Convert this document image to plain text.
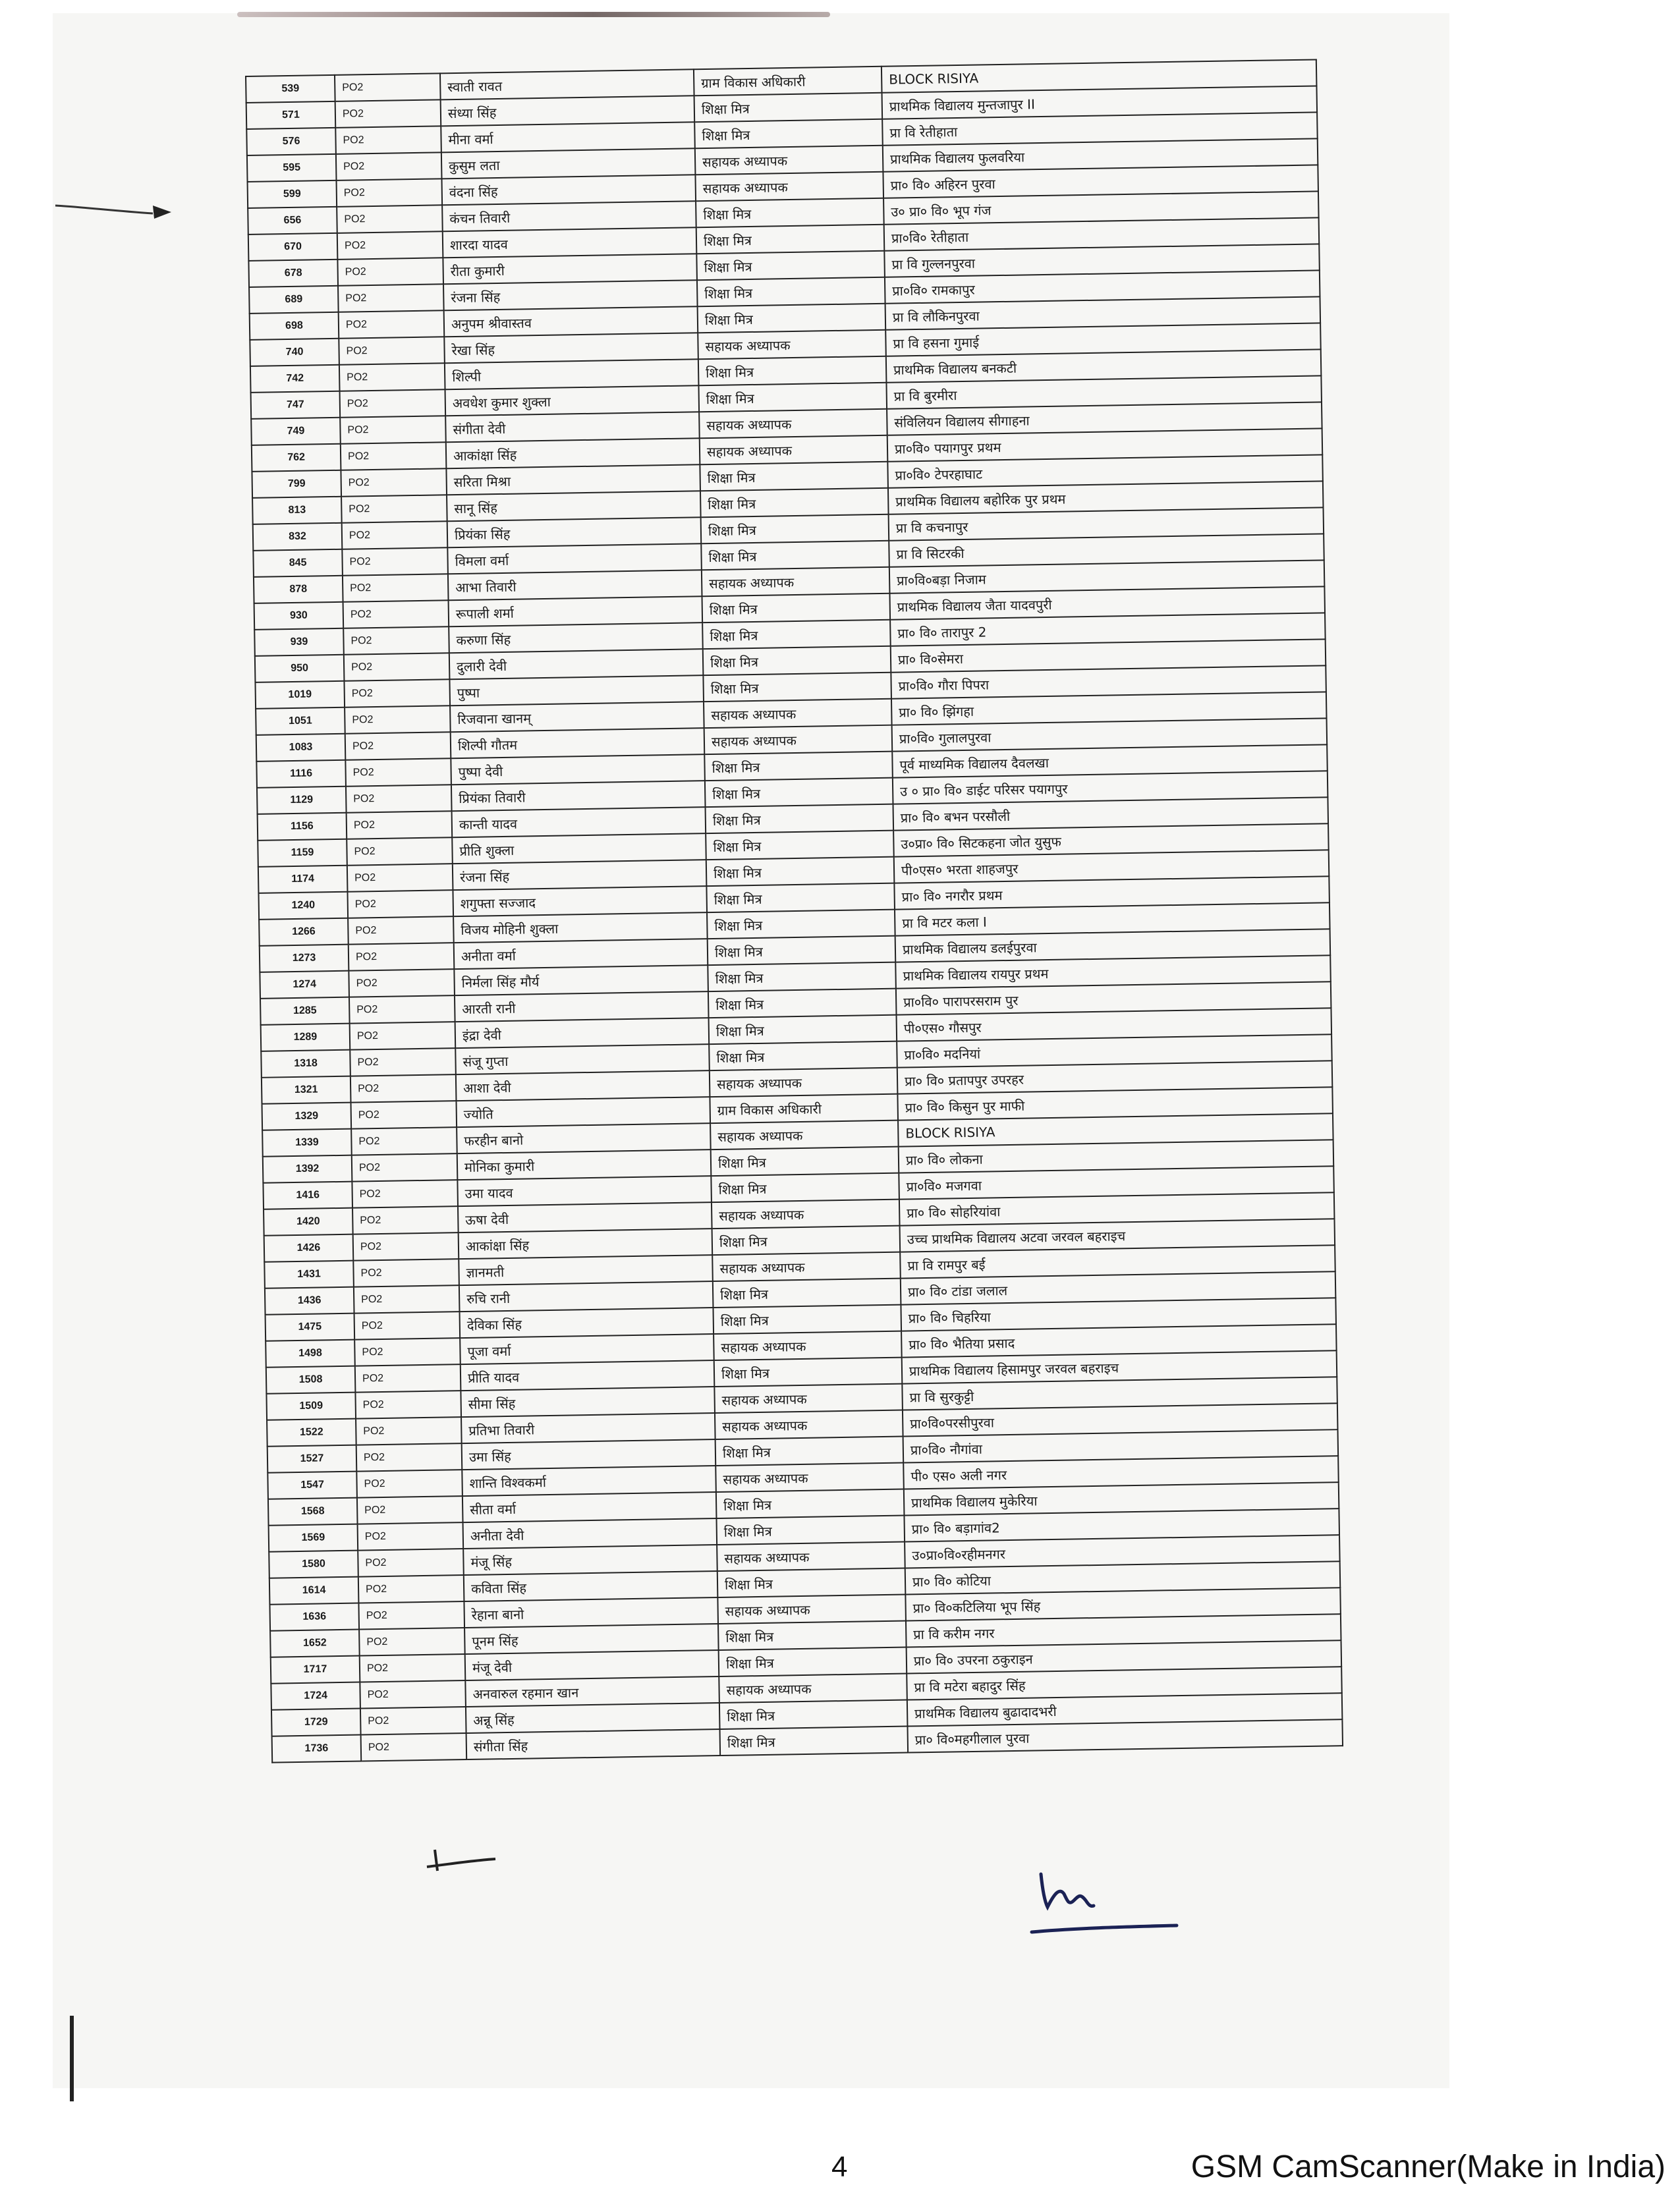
539	PO2	स्वाती रावत	ग्राम विकास अधिकारी	BLOCK RISIYA
571	PO2	संध्या सिंह	शिक्षा मित्र	प्राथमिक विद्यालय मुन्तजापुर II
576	PO2	मीना वर्मा	शिक्षा मित्र	प्रा वि रेतीहाता
595	PO2	कुसुम लता	सहायक अध्यापक	प्राथमिक विद्यालय फुलवरिया
599	PO2	वंदना सिंह	सहायक अध्यापक	प्रा० वि० अहिरन पुरवा
656	PO2	कंचन तिवारी	शिक्षा मित्र	उ० प्रा० वि० भूप गंज
670	PO2	शारदा यादव	शिक्षा मित्र	प्रा०वि० रेतीहाता
678	PO2	रीता कुमारी	शिक्षा मित्र	प्रा वि गुल्लनपुरवा
689	PO2	रंजना सिंह	शिक्षा मित्र	प्रा०वि० रामकापुर
698	PO2	अनुपम श्रीवास्तव	शिक्षा मित्र	प्रा वि लौकिनपुरवा
740	PO2	रेखा सिंह	सहायक अध्यापक	प्रा वि हसना गुमाई
742	PO2	शिल्पी	शिक्षा मित्र	प्राथमिक विद्यालय बनकटी
747	PO2	अवधेश कुमार शुक्ला	शिक्षा मित्र	प्रा वि बुरमीरा
749	PO2	संगीता देवी	सहायक अध्यापक	संविलियन विद्यालय सीगाहना
762	PO2	आकांक्षा सिंह	सहायक अध्यापक	प्रा०वि० पयागपुर प्रथम
799	PO2	सरिता मिश्रा	शिक्षा मित्र	प्रा०वि० टेपरहाघाट
813	PO2	सानू सिंह	शिक्षा मित्र	प्राथमिक विद्यालय बहोरिक पुर प्रथम
832	PO2	प्रियंका सिंह	शिक्षा मित्र	प्रा वि कचनापुर
845	PO2	विमला वर्मा	शिक्षा मित्र	प्रा वि सिटरकी
878	PO2	आभा तिवारी	सहायक अध्यापक	प्रा०वि०बड़ा निजाम
930	PO2	रूपाली शर्मा	शिक्षा मित्र	प्राथमिक विद्यालय जैता यादवपुरी
939	PO2	करुणा सिंह	शिक्षा मित्र	प्रा० वि० तारापुर 2
950	PO2	दुलारी देवी	शिक्षा मित्र	प्रा० वि०सेमरा
1019	PO2	पुष्पा	शिक्षा मित्र	प्रा०वि० गौरा पिपरा
1051	PO2	रिजवाना खानम्	सहायक अध्यापक	प्रा० वि० झिंगहा
1083	PO2	शिल्पी गौतम	सहायक अध्यापक	प्रा०वि० गुलालपुरवा
1116	PO2	पुष्पा देवी	शिक्षा मित्र	पूर्व माध्यमिक विद्यालय दैवलखा
1129	PO2	प्रियंका तिवारी	शिक्षा मित्र	उ ० प्रा० वि० डाईट परिसर पयागपुर
1156	PO2	कान्ती यादव	शिक्षा मित्र	प्रा० वि० बभन परसौली
1159	PO2	प्रीति शुक्ला	शिक्षा मित्र	उ०प्रा० वि० सिटकहना जोत युसुफ
1174	PO2	रंजना सिंह	शिक्षा मित्र	पी०एस० भरता शाहजपुर
1240	PO2	शगुफ्ता सज्जाद	शिक्षा मित्र	प्रा० वि० नगरौर प्रथम
1266	PO2	विजय मोहिनी शुक्ला	शिक्षा मित्र	प्रा वि मटर कला I
1273	PO2	अनीता वर्मा	शिक्षा मित्र	प्राथमिक विद्यालय डलईपुरवा
1274	PO2	निर्मला सिंह मौर्य	शिक्षा मित्र	प्राथमिक विद्यालय रायपुर प्रथम
1285	PO2	आरती रानी	शिक्षा मित्र	प्रा०वि० पारापरसराम पुर
1289	PO2	इंद्रा देवी	शिक्षा मित्र	पी०एस० गौसपुर
1318	PO2	संजू गुप्ता	शिक्षा मित्र	प्रा०वि० मदनियां
1321	PO2	आशा देवी	सहायक अध्यापक	प्रा० वि० प्रतापपुर उपरहर
1329	PO2	ज्योति	ग्राम विकास अधिकारी	प्रा० वि० किसुन पुर माफी
1339	PO2	फरहीन बानो	सहायक अध्यापक	BLOCK RISIYA
1392	PO2	मोनिका कुमारी	शिक्षा मित्र	प्रा० वि० लोकना
1416	PO2	उमा यादव	शिक्षा मित्र	प्रा०वि० मजगवा
1420	PO2	ऊषा देवी	सहायक अध्यापक	प्रा० वि० सोहरियांवा
1426	PO2	आकांक्षा सिंह	शिक्षा मित्र	उच्च प्राथमिक विद्यालय अटवा जरवल बहराइच
1431	PO2	ज्ञानमती	सहायक अध्यापक	प्रा वि रामपुर बर्ई
1436	PO2	रुचि रानी	शिक्षा मित्र	प्रा० वि० टांडा जलाल
1475	PO2	देविका सिंह	शिक्षा मित्र	प्रा० वि० चिहरिया
1498	PO2	पूजा वर्मा	सहायक अध्यापक	प्रा० वि० भैतिया प्रसाद
1508	PO2	प्रीति यादव	शिक्षा मित्र	प्राथमिक विद्यालय हिसामपुर जरवल बहराइच
1509	PO2	सीमा सिंह	सहायक अध्यापक	प्रा वि सुरकुट्टी
1522	PO2	प्रतिभा तिवारी	सहायक अध्यापक	प्रा०वि०परसीपुरवा
1527	PO2	उमा सिंह	शिक्षा मित्र	प्रा०वि० नौगांवा
1547	PO2	शान्ति विश्वकर्मा	सहायक अध्यापक	पी० एस० अली नगर
1568	PO2	सीता वर्मा	शिक्षा मित्र	प्राथमिक विद्यालय मुकेरिया
1569	PO2	अनीता देवी	शिक्षा मित्र	प्रा० वि० बड़ागांव2
1580	PO2	मंजू सिंह	सहायक अध्यापक	उ०प्रा०वि०रहीमनगर
1614	PO2	कविता सिंह	शिक्षा मित्र	प्रा० वि० कोटिया
1636	PO2	रेहाना बानो	सहायक अध्यापक	प्रा० वि०कटिलिया भूप सिंह
1652	PO2	पूनम सिंह	शिक्षा मित्र	प्रा वि करीम नगर
1717	PO2	मंजू देवी	शिक्षा मित्र	प्रा० वि० उपरना ठकुराइन
1724	PO2	अनवारुल रहमान खान	सहायक अध्यापक	प्रा वि मटेरा बहादुर सिंह
1729	PO2	अन्नू सिंह	शिक्षा मित्र	प्राथमिक विद्यालय बुढादादभरी
1736	PO2	संगीता सिंह	शिक्षा मित्र	प्रा० वि०महगीलाल पुरवा
4	GSM CamScanner(Make in India)
